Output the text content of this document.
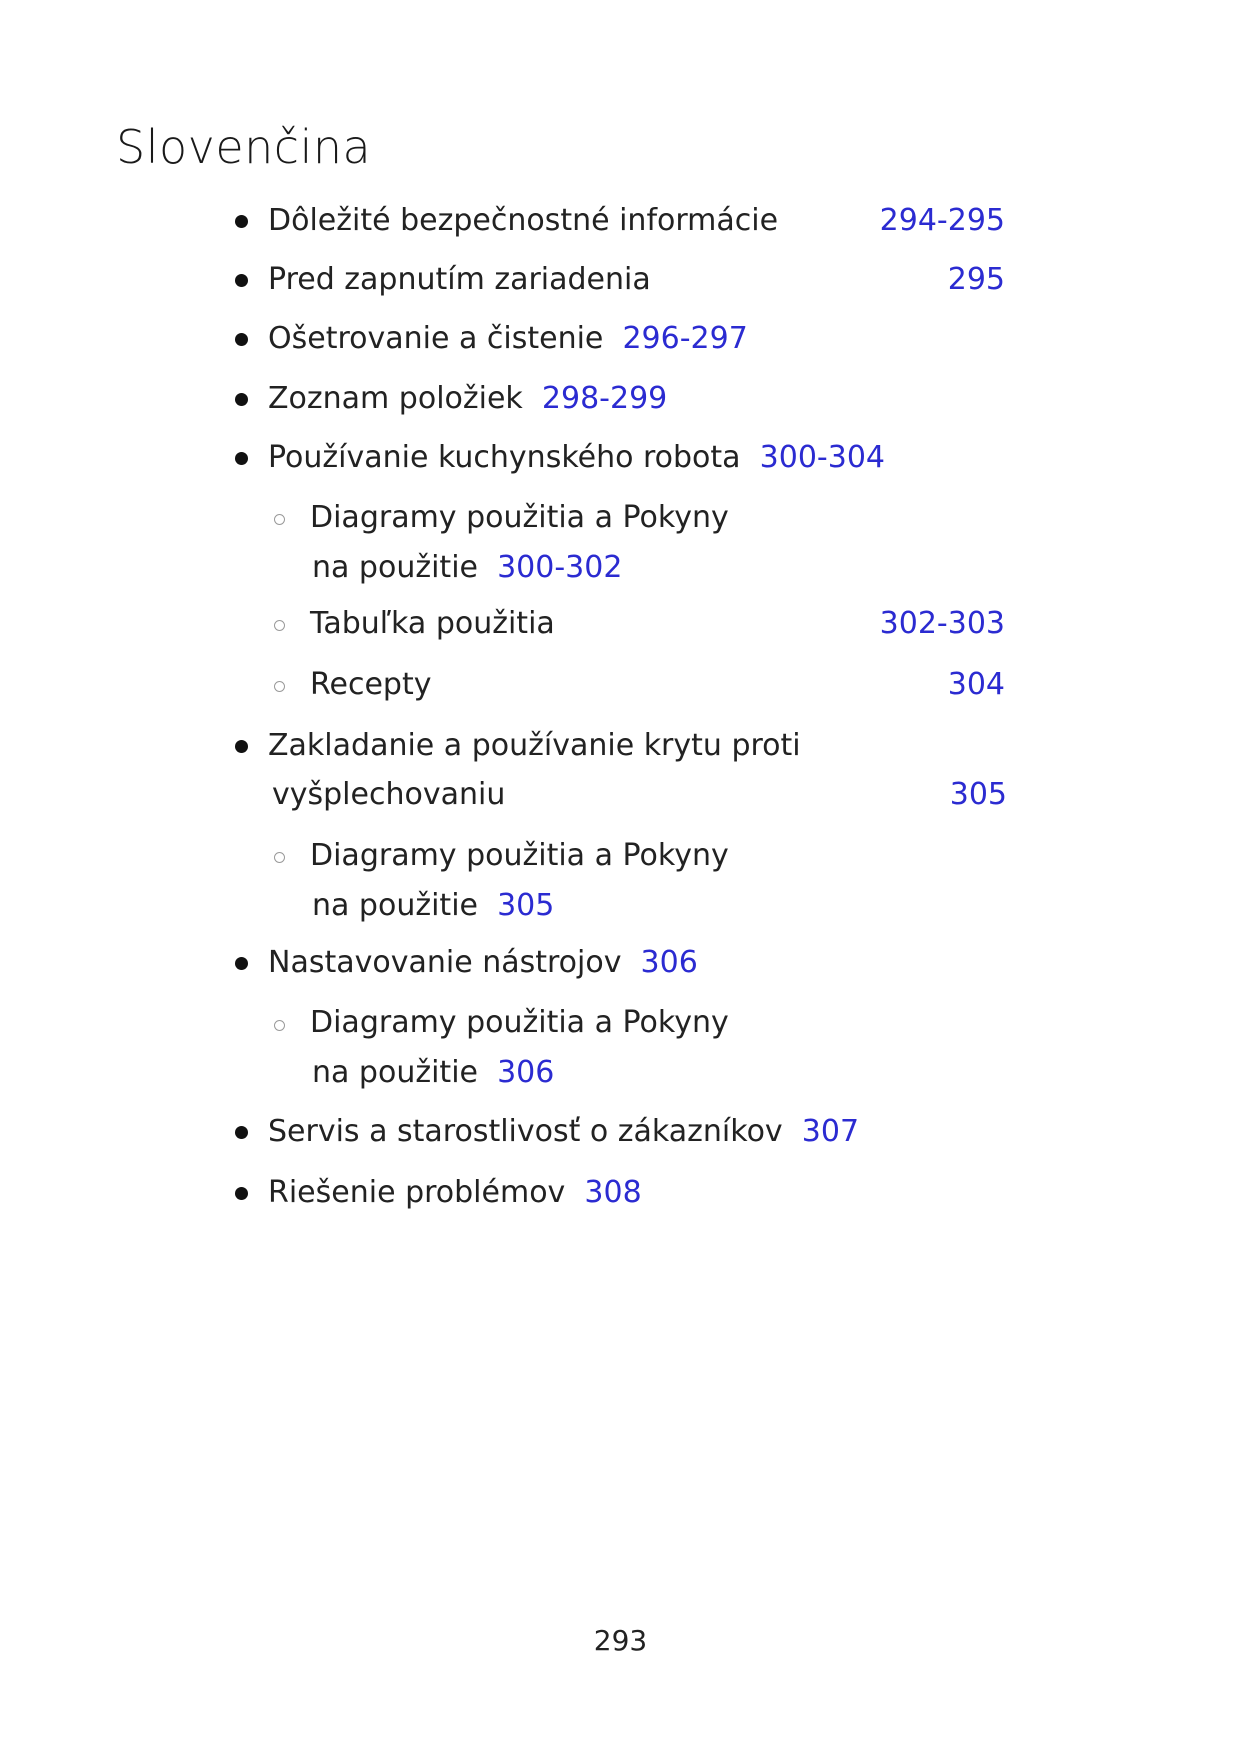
Slovenčina
Dôležité bezpečnostné informácie	294-295
Pred zapnutím zariadenia	295
Ošetrovanie a čistenie 296-297
Zoznam položiek 298-299
Používanie kuchynského robota 300-304
Diagramy použitia a Pokyny
na použitie 300-302
Tabuľka použitia	302-303
Recepty	304
Zakladanie a používanie krytu proti
vyšplechovaniu	305
Diagramy použitia a Pokyny
na použitie 305
Nastavovanie nástrojov 306
Diagramy použitia a Pokyny
na použitie 306
Servis a starostlivosť o zákazníkov 307
Riešenie problémov 308
293
